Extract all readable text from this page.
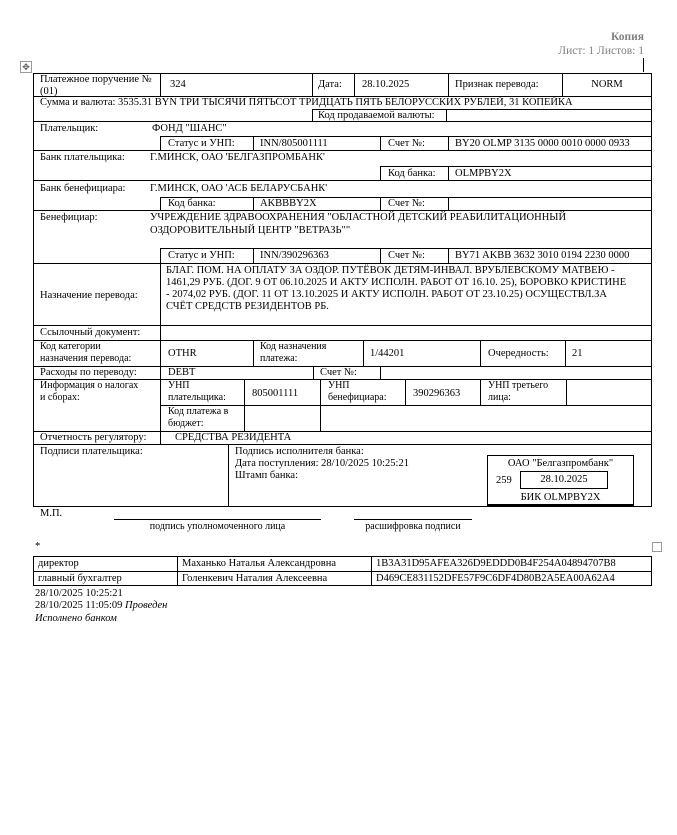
Копия
Лист: 1 Листов: 1
✥
Платежное поручение № (01)
324	Дата: 28.10.2025	Признак перевода:	NORM
Сумма и валюта: 3535.31 BYN ТРИ ТЫСЯЧИ ПЯТЬСОТ ТРИДЦАТЬ ПЯТЬ БЕЛОРУССКИХ РУБЛЕЙ, 31 КОПЕЙКА
Код продаваемой валюты:
Плательщик:	ФОНД "ШАНС"
Статус и УНП: INN/805001111	Счет №:	BY20 OLMP 3135 0000 0010 0000 0933
Банк плательщика: Г.МИНСК, ОАО 'БЕЛГАЗПРОМБАНК'
Код банка: OLMPBY2X
Банк бенефициара: Г.МИНСК, ОАО 'АСБ БЕЛАРУСБАНК'
Код банка:	AKBBBY2X	Счет №:
Бенефициар:	УЧРЕЖДЕНИЕ ЗДРАВООХРАНЕНИЯ "ОБЛАСТНОЙ ДЕТСКИЙ РЕАБИЛИТАЦИОННЫЙ
ОЗДОРОВИТЕЛЬНЫЙ ЦЕНТР "ВЕТРАЗЬ""
Статус и УНП: INN/390296363	Счет №:	BY71 AKBB 3632 3010 0194 2230 0000
Назначение перевода:
БЛАГ. ПОМ. НА ОПЛАТУ ЗА ОЗДОР. ПУТЁВОК ДЕТЯМ-ИНВАЛ. ВРУБЛЕВСКОМУ МАТВЕЮ -
1461,29 РУБ. (ДОГ. 9 ОТ 06.10.2025 И АКТУ ИСПОЛН. РАБОТ ОТ 16.10. 25), БОРОВКО КРИСТИНЕ
- 2074,02 РУБ. (ДОГ. 11 ОТ 13.10.2025 И АКТУ ИСПОЛН. РАБОТ ОТ 23.10.25) ОСУЩЕСТВЛ.ЗА
СЧЁТ СРЕДСТВ РЕЗИДЕНТОВ РБ.
Ссылочный документ:
Код категории
назначения перевода:	OTHR
Код назначения
платежа:	1/44201	Очередность: 21
Расходы по переводу:	DEBT	Счет №:
Информация о налогах
и сборах:
УНП
плательщика: 805001111
УНП
бенефициара:	390296363
УНП третьего
лица:
Код платежа в
бюджет:
Отчетность регулятору:	СРЕДСТВА РЕЗИДЕНТА
Подписи плательщика:	Подпись исполнителя банка:
Дата поступления: 28/10/2025 10:25:21
Штамп банка:
ОАО "Белгазпромбанк"
259	28.10.2025
БИК OLMPBY2X
М.П.
подпись уполномоченного лица	расшифровка подписи
*
директор	Маханько Наталья Александровна	1B3A31D95AFEA326D9EDDD0B4F254A04894707B8
главный бухгалтер	Голенкевич Наталия Алексеевна	D469CE831152DFE57F9C6DF4D80B2A5EA00A62A4
28/10/2025 10:25:21
28/10/2025 11:05:09 Проведен
Исполнено банком
